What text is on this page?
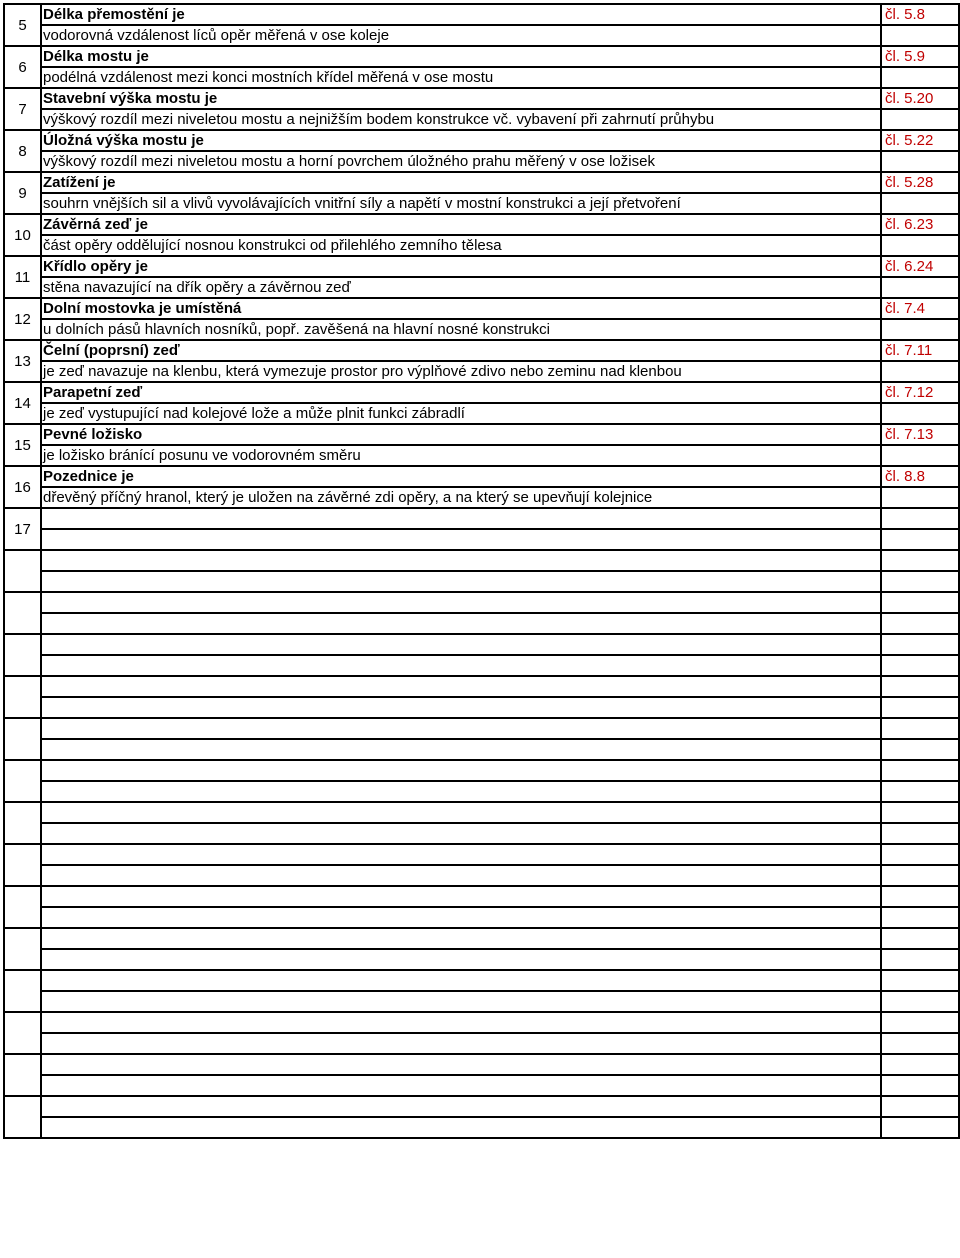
5	Délka přemostění je	čl. 5.8
	vodorovná vzdálenost líců opěr měřená v ose koleje	
6	Délka mostu je	čl. 5.9
	podélná vzdálenost mezi konci mostních křídel měřená v ose mostu	
7	Stavební výška mostu je	čl. 5.20
	výškový rozdíl mezi niveletou mostu a nejnižším bodem konstrukce vč. vybavení při zahrnutí průhybu	
8	Úložná výška mostu je	čl. 5.22
	výškový rozdíl mezi niveletou mostu a horní povrchem úložného prahu měřený v ose ložisek	
9	Zatížení je	čl. 5.28
	souhrn vnějších sil a vlivů vyvolávajících vnitřní síly a napětí v mostní konstrukci a její přetvoření	
10	Závěrná zeď je	čl. 6.23
	část opěry oddělující nosnou konstrukci od přilehlého zemního tělesa	
11	Křídlo opěry je	čl. 6.24
	stěna navazující na dřík opěry a závěrnou zeď	
12	Dolní mostovka je umístěná	čl. 7.4
	u dolních pásů hlavních nosníků, popř. zavěšená na hlavní nosné konstrukci	
13	Čelní (poprsní) zeď	čl. 7.11
	je zeď navazuje na klenbu, která vymezuje prostor pro výplňové zdivo nebo zeminu nad klenbou	
14	Parapetní zeď	čl. 7.12
	je zeď vystupující nad kolejové lože a může plnit funkci zábradlí	
15	Pevné ložisko	čl. 7.13
	je ložisko bránící posunu ve vodorovném směru	
16	Pozednice je	čl. 8.8
	dřevěný příčný hranol, který je uložen na závěrné zdi opěry, a na který se upevňují kolejnice	
17		
